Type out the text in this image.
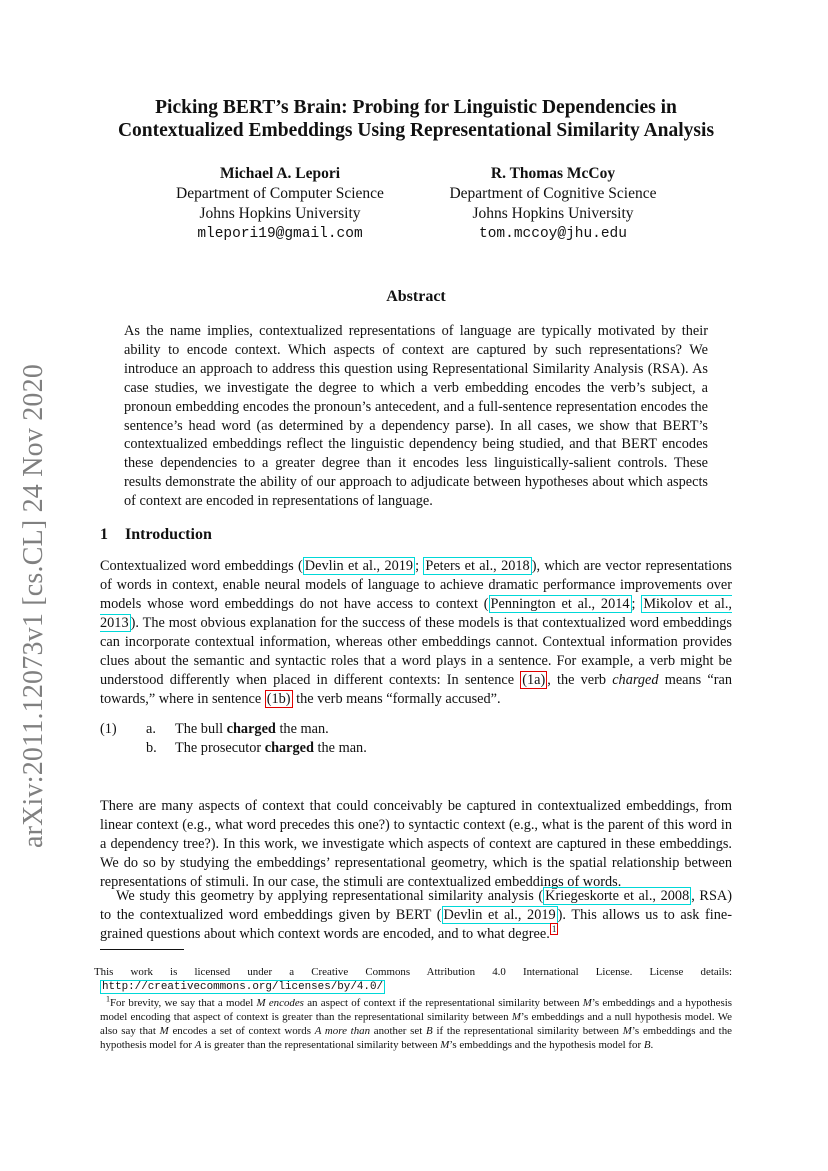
arXiv:2011.12073v1 [cs.CL] 24 Nov 2020
Picking BERT’s Brain: Probing for Linguistic Dependencies in
Contextualized Embeddings Using Representational Similarity Analysis
Michael A. Lepori
Department of Computer Science
Johns Hopkins University
mlepori19@gmail.com
R. Thomas McCoy
Department of Cognitive Science
Johns Hopkins University
tom.mccoy@jhu.edu
Abstract
As the name implies, contextualized representations of language are typically motivated by their ability to encode context. Which aspects of context are captured by such representations? We introduce an approach to address this question using Representational Similarity Analysis (RSA). As case studies, we investigate the degree to which a verb embedding encodes the verb’s subject, a pronoun embedding encodes the pronoun’s antecedent, and a full-sentence representation encodes the sentence’s head word (as determined by a dependency parse). In all cases, we show that BERT’s contextualized embeddings reflect the linguistic dependency being studied, and that BERT encodes these dependencies to a greater degree than it encodes less linguistically-salient controls. These results demonstrate the ability of our approach to adjudicate between hypotheses about which aspects of context are encoded in representations of language.
1 Introduction

Contextualized word embeddings ( Devlin et al., 2019 ; Peters et al., 2018 ), which are vector representations of words in context, enable neural models of language to achieve dramatic performance improvements over models whose word embeddings do not have access to context ( Pennington et al., 2014 ; Mikolov et al., 2013 ). The most obvious explanation for the success of these models is that contextualized word embeddings can incorporate contextual information, whereas other embeddings cannot. Contextual information provides clues about the semantic and syntactic roles that a word plays in a sentence. For example, a verb might be understood differently when placed in different contexts: In sentence (1a) , the verb charged means “ran towards,” where in sentence (1b) the verb means “formally accused”.

(1) a. The bull charged the man.
b. The prosecutor charged the man.

There are many aspects of context that could conceivably be captured in contextualized embeddings, from linear context (e.g., what word precedes this one?) to syntactic context (e.g., what is the parent of this word in a dependency tree?). In this work, we investigate which aspects of context are captured in these embeddings. We do so by studying the embeddings’ representational geometry, which is the spatial relationship between representations of stimuli. In our case, the stimuli are contextualized embeddings of words.

We study this geometry by applying representational similarity analysis ( Kriegeskorte et al., 2008 , RSA) to the contextualized word embeddings given by BERT ( Devlin et al., 2019 ). This allows us to ask fine-grained questions about which context words are encoded, and to what degree. $^1$

This work is licensed under a Creative Commons Attribution 4.0 International License. License details: http://creativecommons.org/licenses/by/4.0/

$^1$For brevity, we say that a model M encodes an aspect of context if the representational similarity between M’s embeddings and a hypothesis model encoding that aspect of context is greater than the representational similarity between M’s embeddings and a null hypothesis model. We also say that M encodes a set of context words A more than another set B if the representational similarity between M’s embeddings and the hypothesis model for A is greater than the representational similarity between M’s embeddings and the hypothesis model for B.
